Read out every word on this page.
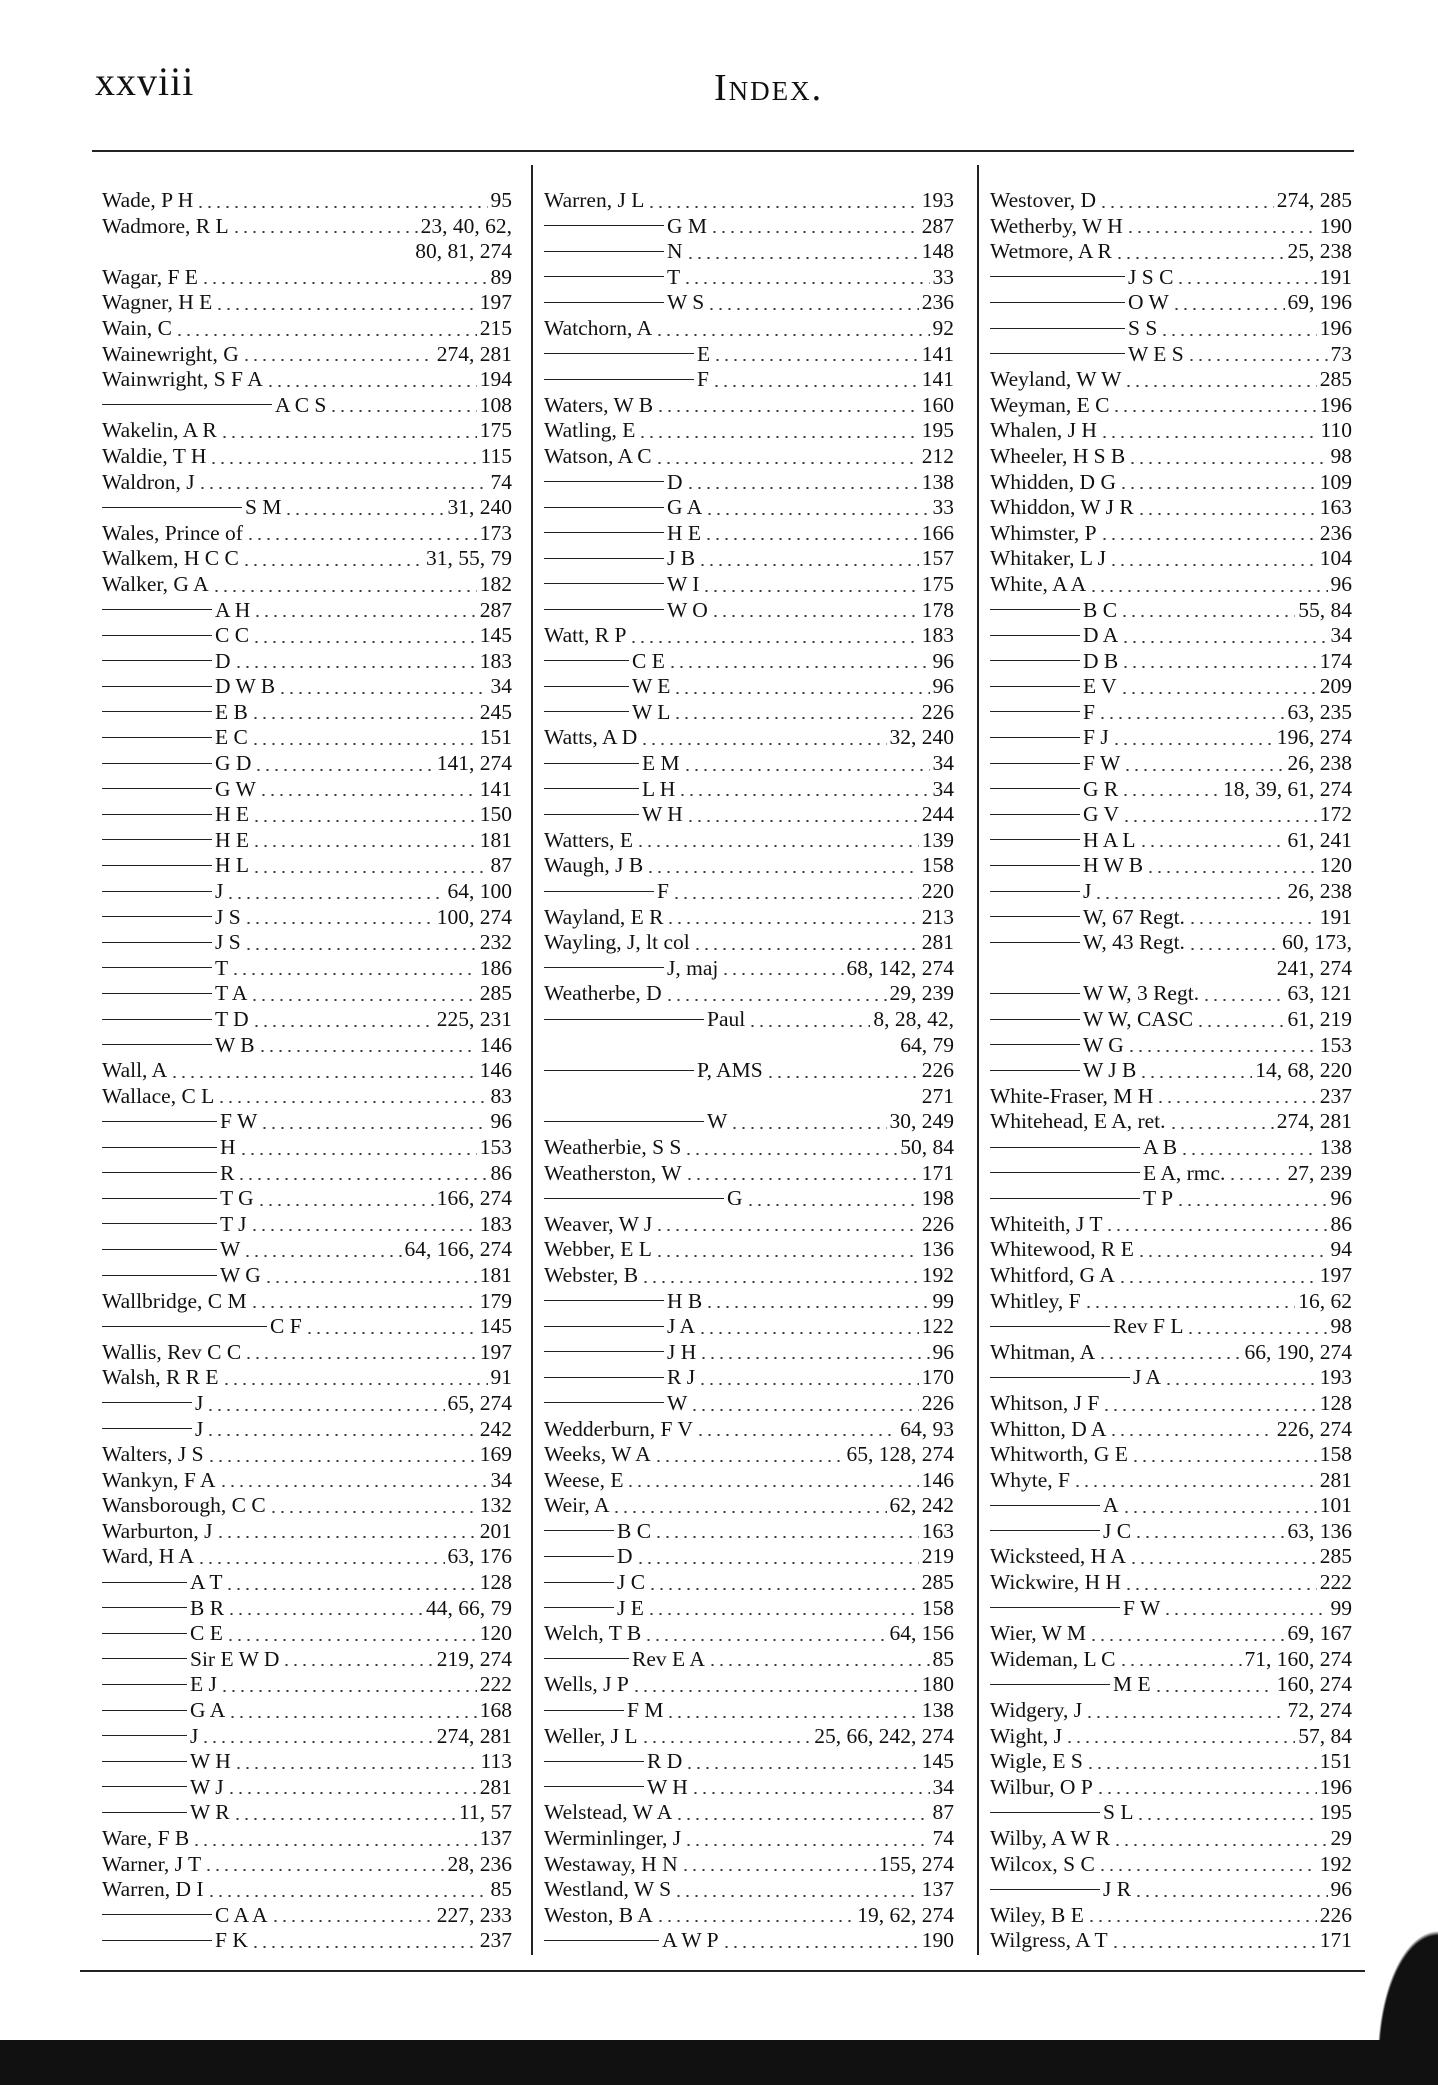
xxviii	Index.
Wade, P H	95
Wadmore, R L	23, 40, 62,
80, 81, 274
Wagar, F E	89
Wagner, H E	197
Wain, C	215
Wainewright, G	274, 281
Wainwright, S F A	194
A C S	108
Wakelin, A R	175
Waldie, T H	115
Waldron, J	74
S M	31, 240
Wales, Prince of	173
Walkem, H C C	31, 55, 79
Walker, G A	182
A H	287
C C	145
D	183
D W B	34
E B	245
E C	151
G D	141, 274
G W	141
H E	150
H E	181
H L	87
J	64, 100
J S	100, 274
J S	232
T	186
T A	285
T D	225, 231
W B	146
Wall, A	146
Wallace, C L	83
F W	96
H	153
R	86
T G	166, 274
T J	183
W	64, 166, 274
W G	181
Wallbridge, C M	179
C F	145
Wallis, Rev C C	197
Walsh, R R E	91
J	65, 274
J	242
Walters, J S	169
Wankyn, F A	34
Wansborough, C C	132
Warburton, J	201
Ward, H A	63, 176
A T	128
B R	44, 66, 79
C E	120
Sir E W D	219, 274
E J	222
G A	168
J	274, 281
W H	113
W J	281
W R	11, 57
Ware, F B	137
Warner, J T	28, 236
Warren, D I	85
C A A	227, 233
F K	237
Warren, J L	193
G M	287
N	148
T	33
W S	236
Watchorn, A	92
E	141
F	141
Waters, W B	160
Watling, E	195
Watson, A C	212
D	138
G A	33
H E	166
J B	157
W I	175
W O	178
Watt, R P	183
C E	96
W E	96
W L	226
Watts, A D	32, 240
E M	34
L H	34
W H	244
Watters, E	139
Waugh, J B	158
F	220
Wayland, E R	213
Wayling, J, lt col	281
J, maj	68, 142, 274
Weatherbe, D	29, 239
Paul	8, 28, 42,
64, 79
P, AMS	226
271
W	30, 249
Weatherbie, S S	50, 84
Weatherston, W	171
G	198
Weaver, W J	226
Webber, E L	136
Webster, B	192
H B	99
J A	122
J H	96
R J	170
W	226
Wedderburn, F V	64, 93
Weeks, W A	65, 128, 274
Weese, E	146
Weir, A	62, 242
B C	163
D	219
J C	285
J E	158
Welch, T B	64, 156
Rev E A	85
Wells, J P	180
F M	138
Weller, J L	25, 66, 242, 274
R D	145
W H	34
Welstead, W A	87
Werminlinger, J	74
Westaway, H N	155, 274
Westland, W S	137
Weston, B A	19, 62, 274
A W P	190
Westover, D	274, 285
Wetherby, W H	190
Wetmore, A R	25, 238
J S C	191
O W	69, 196
S S	196
W E S	73
Weyland, W W	285
Weyman, E C	196
Whalen, J H	110
Wheeler, H S B	98
Whidden, D G	109
Whiddon, W J R	163
Whimster, P	236
Whitaker, L J	104
White, A A	96
B C	55, 84
D A	34
D B	174
E V	209
F	63, 235
F J	196, 274
F W	26, 238
G R	18, 39, 61, 274
G V	172
H A L	61, 241
H W B	120
J	26, 238
W, 67 Regt.	191
W, 43 Regt.	60, 173,
241, 274
W W, 3 Regt.	63, 121
W W, CASC	61, 219
W G	153
W J B	14, 68, 220
White-Fraser, M H	237
Whitehead, E A, ret.	274, 281
A B	138
E A, rmc.	27, 239
T P	96
Whiteith, J T	86
Whitewood, R E	94
Whitford, G A	197
Whitley, F	16, 62
Rev F L	98
Whitman, A	66, 190, 274
J A	193
Whitson, J F	128
Whitton, D A	226, 274
Whitworth, G E	158
Whyte, F	281
A	101
J C	63, 136
Wicksteed, H A	285
Wickwire, H H	222
F W	99
Wier, W M	69, 167
Wideman, L C	71, 160, 274
M E	160, 274
Widgery, J	72, 274
Wight, J	57, 84
Wigle, E S	151
Wilbur, O P	196
S L	195
Wilby, A W R	29
Wilcox, S C	192
J R	96
Wiley, B E	226
Wilgress, A T	171
